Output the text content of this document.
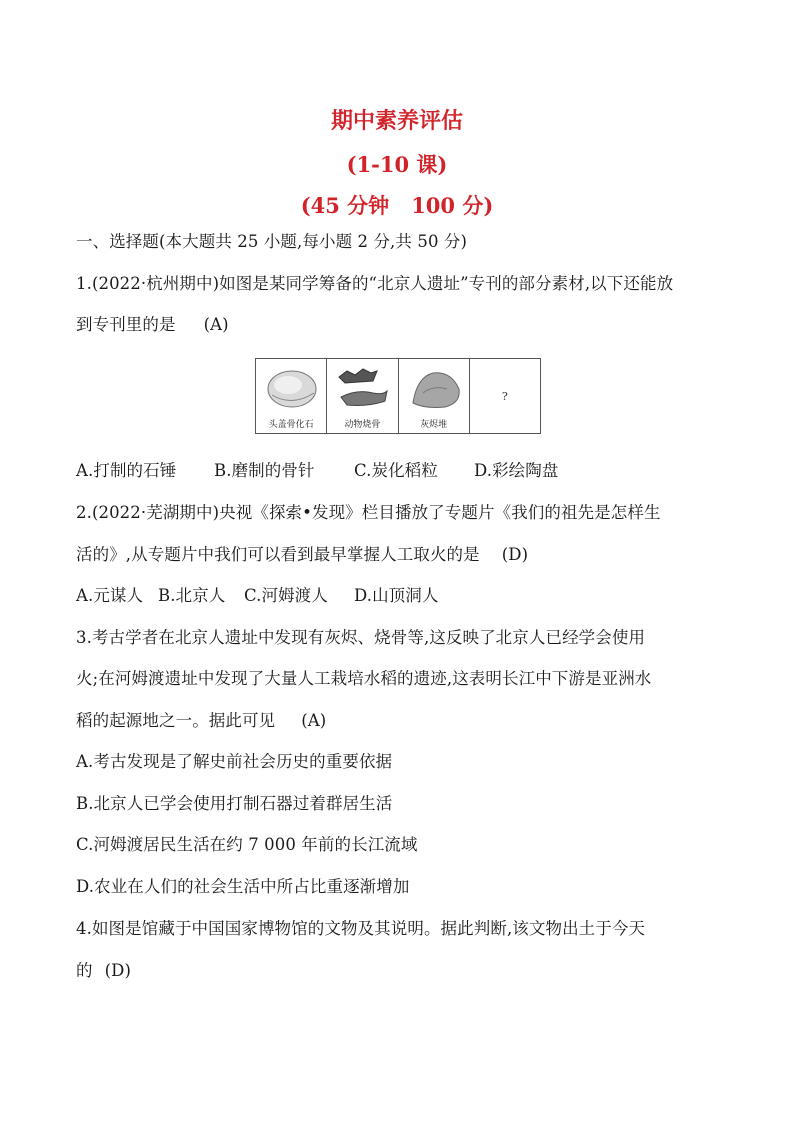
期中素养评估
(1-10 课)
(45 分钟 100 分)
一、选择题(本大题共 25 小题,每小题 2 分,共 50 分)
1.(2022·杭州期中)如图是某同学筹备的“北京人遗址”专刊的部分素材,以下还能放
到专刊里的是 (A)
头盖骨化石	动物烧骨	灰烬堆
?
A.打制的石锤 B.磨制的骨针 C.炭化稻粒 D.彩绘陶盘
2.(2022·芜湖期中)央视《探索•发现》栏目播放了专题片《我们的祖先是怎样生
活的》,从专题片中我们可以看到最早掌握人工取火的是 (D)
A.元谋人 B.北京人 C.河姆渡人 D.山顶洞人
3.考古学者在北京人遗址中发现有灰烬、烧骨等,这反映了北京人已经学会使用
火;在河姆渡遗址中发现了大量人工栽培水稻的遗迹,这表明长江中下游是亚洲水
稻的起源地之一。据此可见 (A)
A.考古发现是了解史前社会历史的重要依据
B.北京人已学会使用打制石器过着群居生活
C.河姆渡居民生活在约 7 000 年前的长江流域
D.农业在人们的社会生活中所占比重逐渐增加
4.如图是馆藏于中国国家博物馆的文物及其说明。据此判断,该文物出土于今天
的 (D)
